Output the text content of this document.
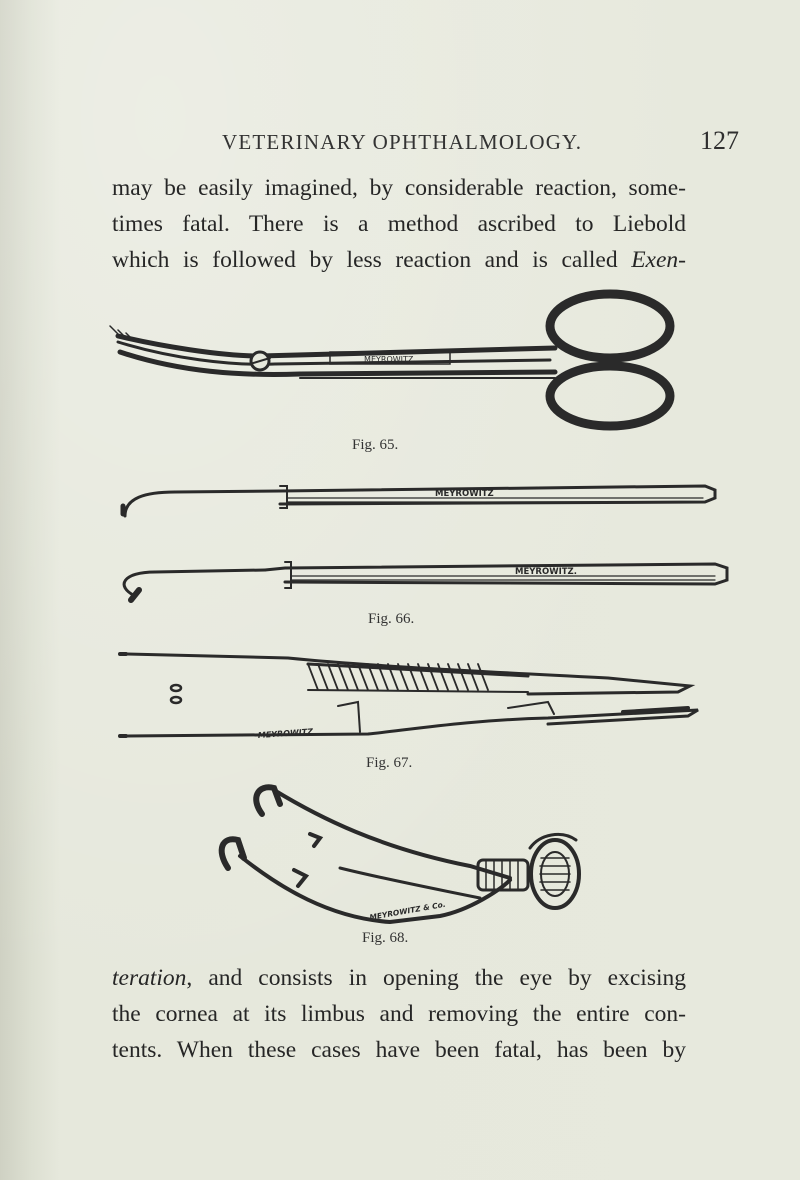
VETERINARY OPHTHALMOLOGY.	127

may be easily imagined, by considerable reaction, some-
times fatal. There is a method ascribed to Liebold
which is followed by less reaction and is called Exen-

MEYROWITZ.
Fig. 65.
MEYROWITZ
MEYROWITZ.
Fig. 66.
MEYROWITZ
Fig. 67.
MEYROWITZ & Co.
Fig. 68.

teration, and consists in opening the eye by excising
the cornea at its limbus and removing the entire con-
tents. When these cases have been fatal, has been by
